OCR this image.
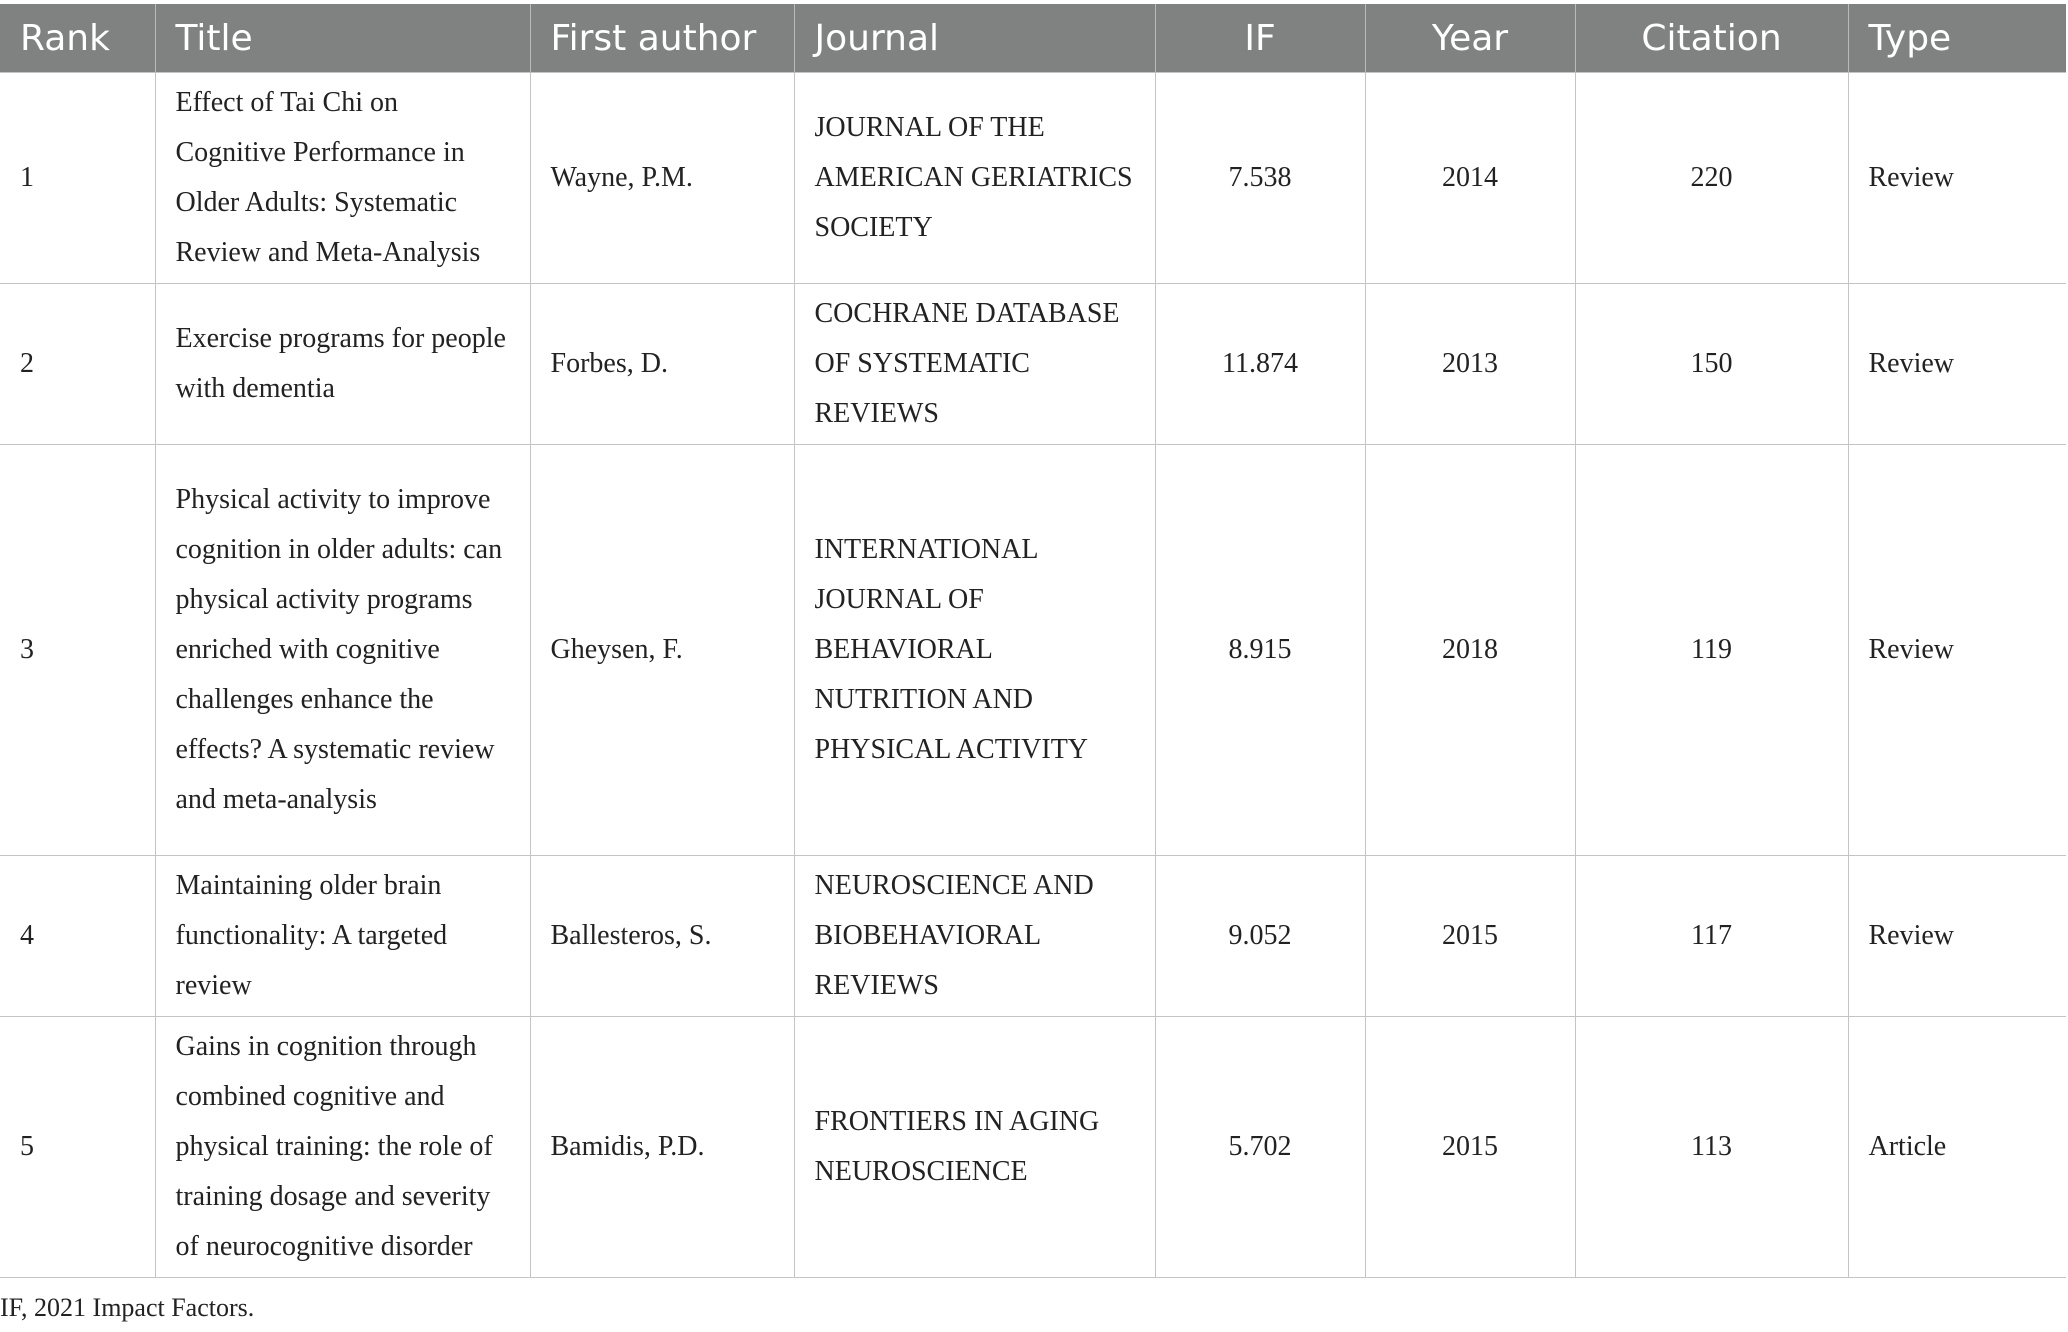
Rank	Title	First author	Journal	IF	Year	Citation	Type
1	Effect of Tai Chi on Cognitive Performance in Older Adults: Systematic Review and Meta-Analysis	Wayne, P.M.	JOURNAL OF THE AMERICAN GERIATRICS SOCIETY	7.538	2014	220	Review
2	Exercise programs for people with dementia	Forbes, D.	COCHRANE DATABASE OF SYSTEMATIC REVIEWS	11.874	2013	150	Review
3	Physical activity to improve cognition in older adults: can physical activity programs enriched with cognitive challenges enhance the effects? A systematic review and meta-analysis	Gheysen, F.	INTERNATIONAL JOURNAL OF BEHAVIORAL NUTRITION AND PHYSICAL ACTIVITY	8.915	2018	119	Review
4	Maintaining older brain functionality: A targeted review	Ballesteros, S.	NEUROSCIENCE AND BIOBEHAVIORAL REVIEWS	9.052	2015	117	Review
5	Gains in cognition through combined cognitive and physical training: the role of training dosage and severity of neurocognitive disorder	Bamidis, P.D.	FRONTIERS IN AGING NEUROSCIENCE	5.702	2015	113	Article
IF, 2021 Impact Factors.
